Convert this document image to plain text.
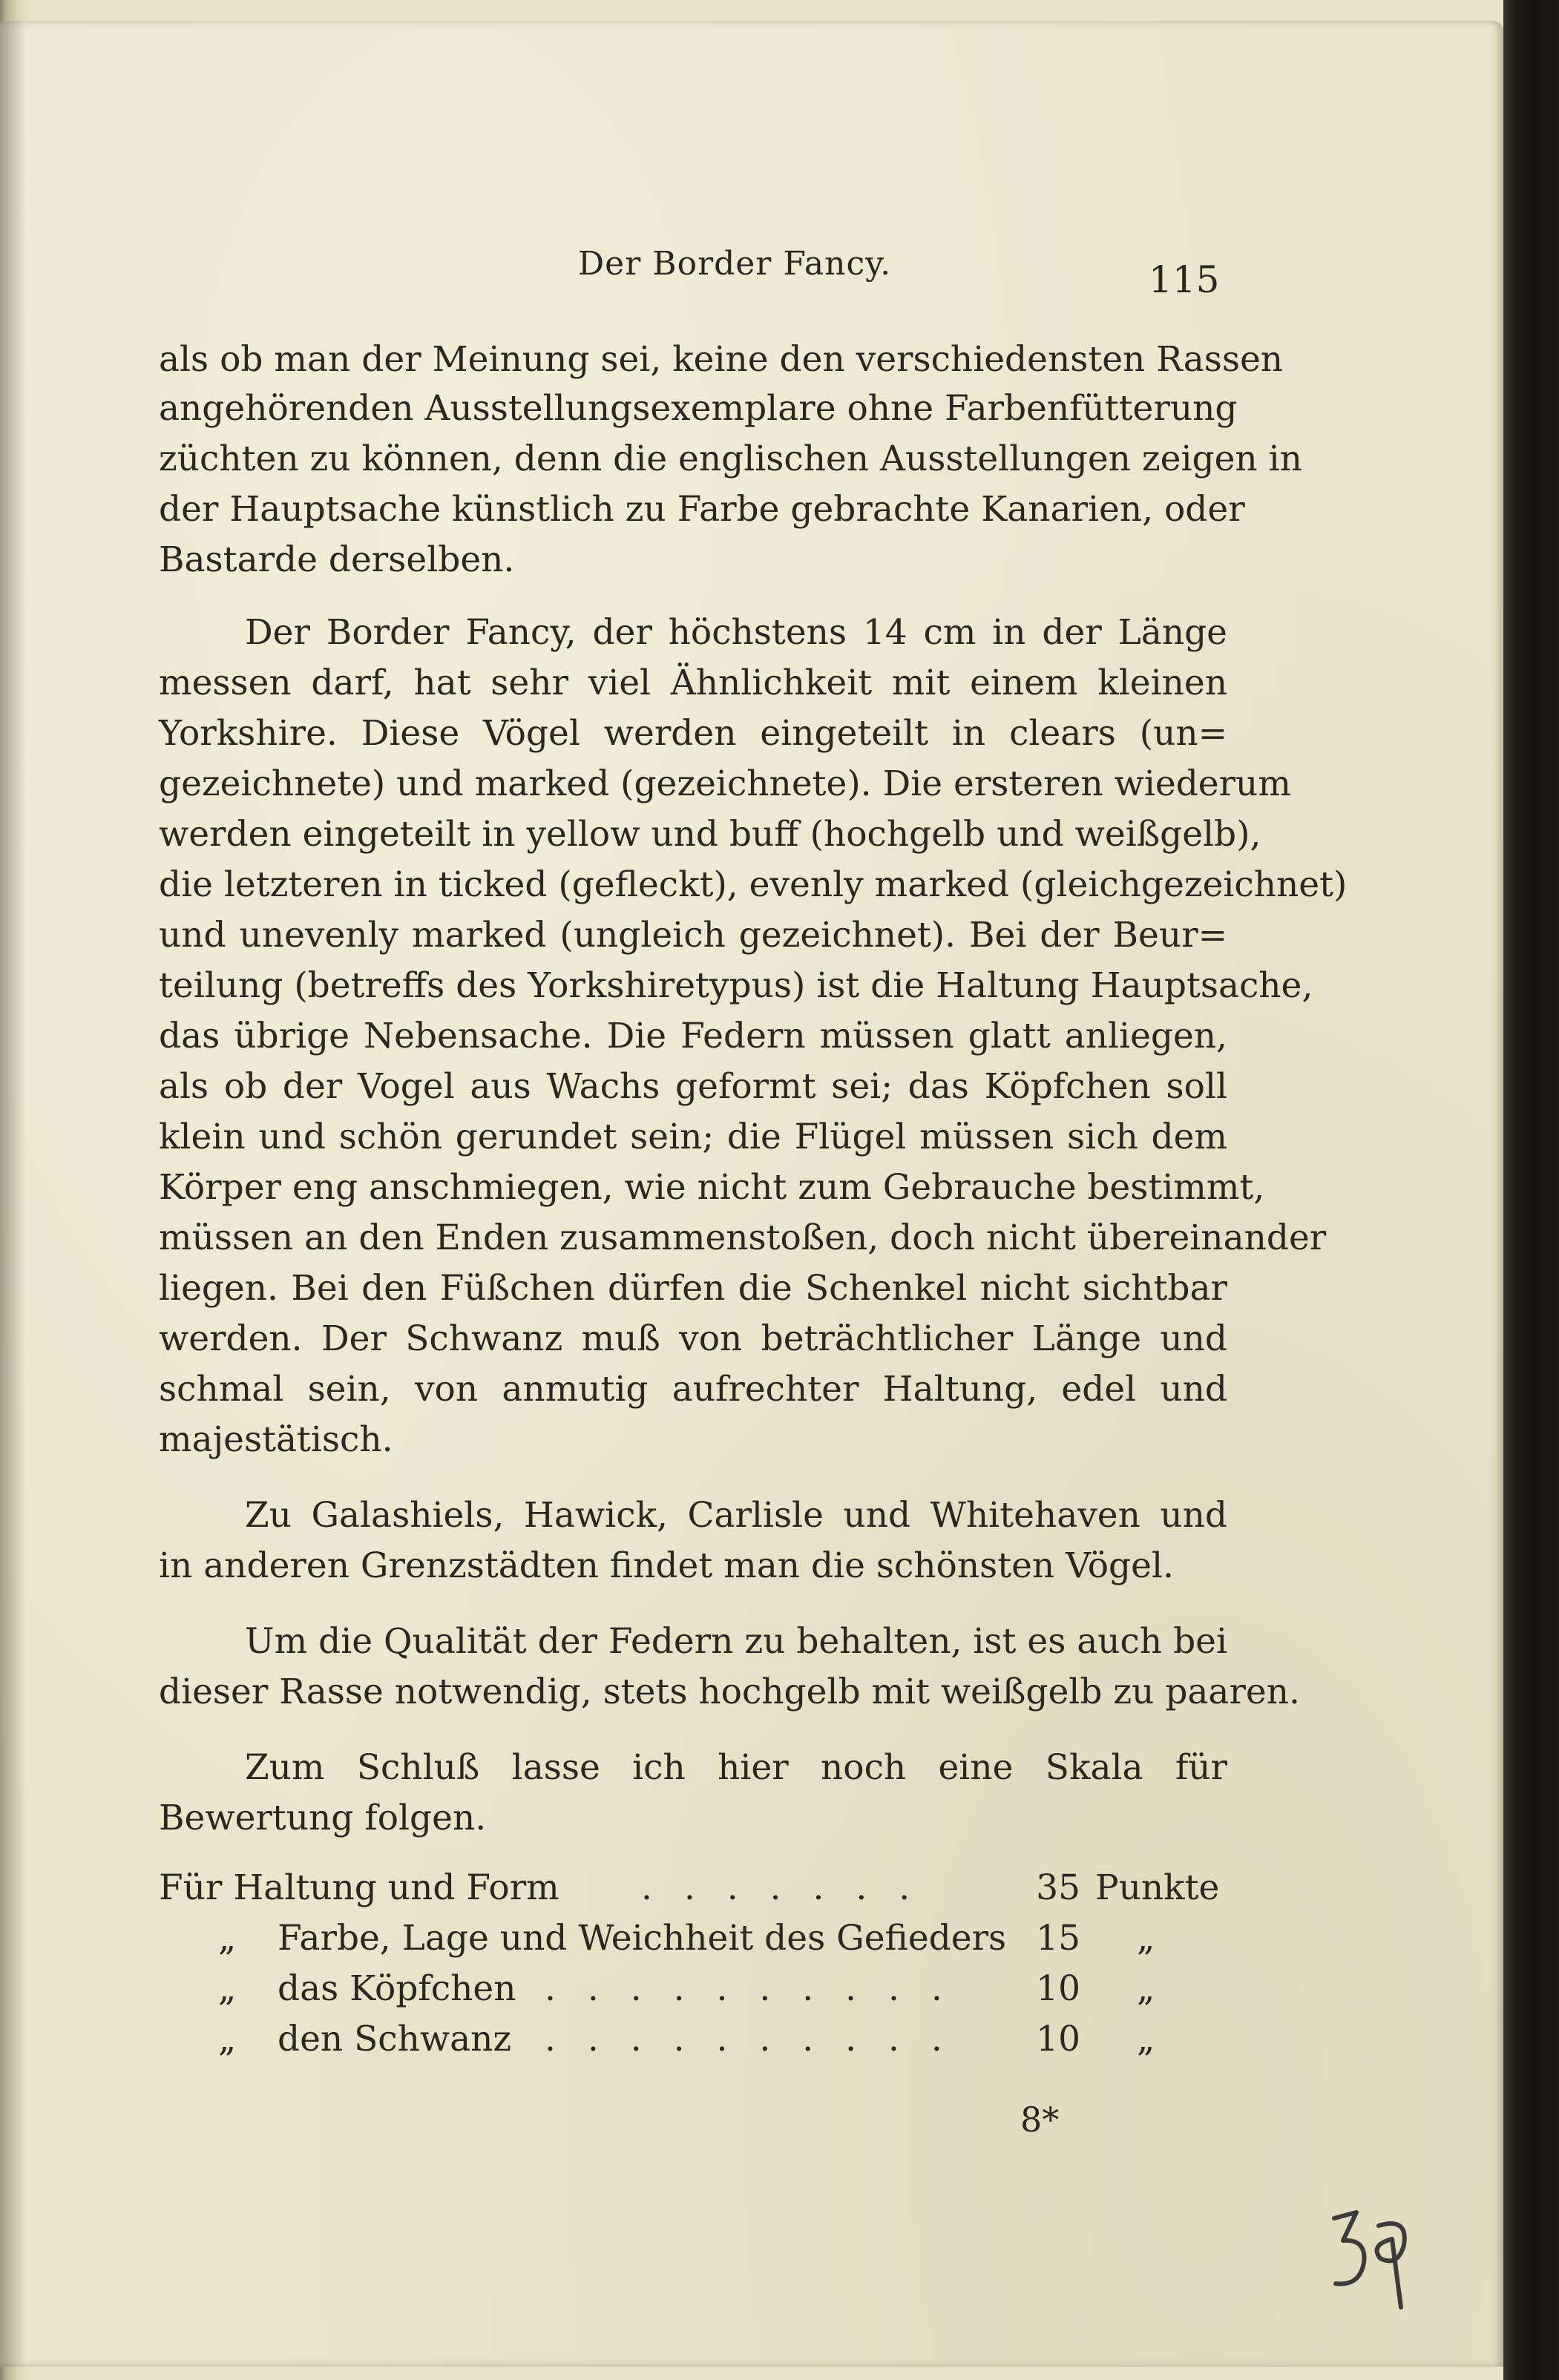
Der Border Fancy.	115
als ob man der Meinung sei, keine den verschiedensten Rassen
angehörenden Ausstellungsexemplare ohne Farbenfütterung
züchten zu können, denn die englischen Ausstellungen zeigen in
der Hauptsache künstlich zu Farbe gebrachte Kanarien, oder
Bastarde derselben.
Der Border Fancy, der höchstens 14 cm in der Länge
messen darf, hat sehr viel Ähnlichkeit mit einem kleinen
Yorkshire. Diese Vögel werden eingeteilt in clears (un=
gezeichnete) und marked (gezeichnete). Die ersteren wiederum
werden eingeteilt in yellow und buff (hochgelb und weißgelb),
die letzteren in ticked (gefleckt), evenly marked (gleichgezeichnet)
und unevenly marked (ungleich gezeichnet). Bei der Beur=
teilung (betreffs des Yorkshiretypus) ist die Haltung Hauptsache,
das übrige Nebensache. Die Federn müssen glatt anliegen,
als ob der Vogel aus Wachs geformt sei; das Köpfchen soll
klein und schön gerundet sein; die Flügel müssen sich dem
Körper eng anschmiegen, wie nicht zum Gebrauche bestimmt,
müssen an den Enden zusammenstoßen, doch nicht übereinander
liegen. Bei den Füßchen dürfen die Schenkel nicht sichtbar
werden. Der Schwanz muß von beträchtlicher Länge und
schmal sein, von anmutig aufrechter Haltung, edel und
majestätisch.
Zu Galashiels, Hawick, Carlisle und Whitehaven und
in anderen Grenzstädten findet man die schönsten Vögel.
Um die Qualität der Federn zu behalten, ist es auch bei
dieser Rasse notwendig, stets hochgelb mit weißgelb zu paaren.
Zum Schluß lasse ich hier noch eine Skala für
Bewertung folgen.
Für Haltung und Form . . . . . . .	35 Punkte
„ Farbe, Lage und Weichheit des Gefieders 15 „
„ das Köpfchen . . . . . . . . . . 10 „
„ den Schwanz . . . . . . . . . . 10 „
8*
